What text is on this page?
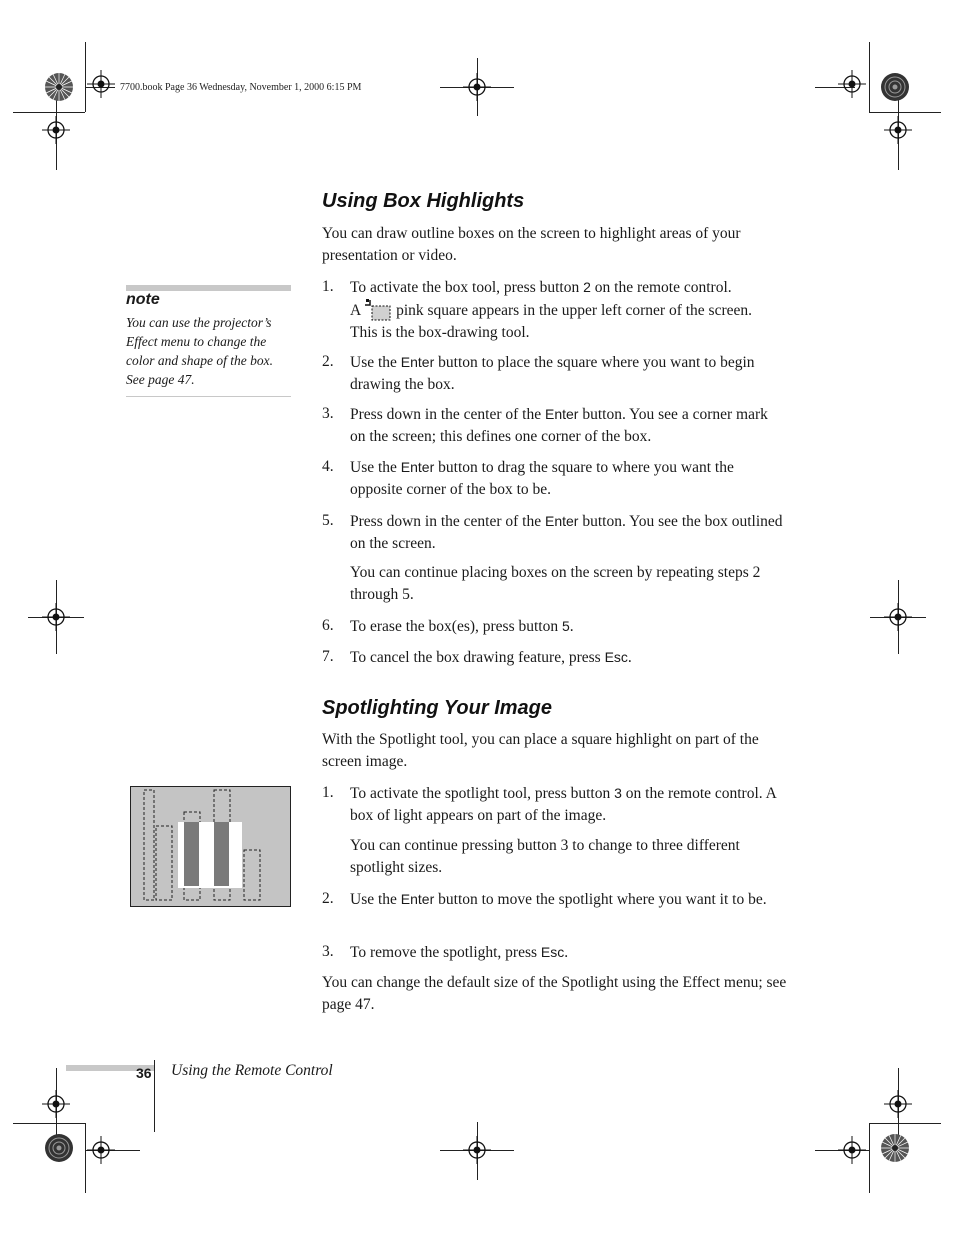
7700.book Page 36 Wednesday, November 1, 2000 6:15 PM
Using Box Highlights

You can draw outline boxes on the screen to highlight areas of your presentation or video.

1. To activate the box tool, press button 2 on the remote control.
A  pink square appears in the upper left corner of the screen.
This is the box-drawing tool.
2. Use the Enter button to place the square where you want to begin drawing the box.
3. Press down in the center of the Enter button. You see a corner mark on the screen; this defines one corner of the box.
4. Use the Enter button to drag the square to where you want the opposite corner of the box to be.
5. Press down in the center of the Enter button. You see the box outlined on the screen.
You can continue placing boxes on the screen by repeating steps 2 through 5.
6. To erase the box(es), press button 5.
7. To cancel the box drawing feature, press Esc.
Spotlighting Your Image

With the Spotlight tool, you can place a square highlight on part of the screen image.

1. To activate the spotlight tool, press button 3 on the remote control. A box of light appears on part of the image.
You can continue pressing button 3 to change to three different spotlight sizes.
2. Use the Enter button to move the spotlight where you want it to be.
3. To remove the spotlight, press Esc.

You can change the default size of the Spotlight using the Effect menu; see page 47.

note
You can use the projector’s Effect menu to change the color and shape of the box. See page 47.
36 Using the Remote Control
